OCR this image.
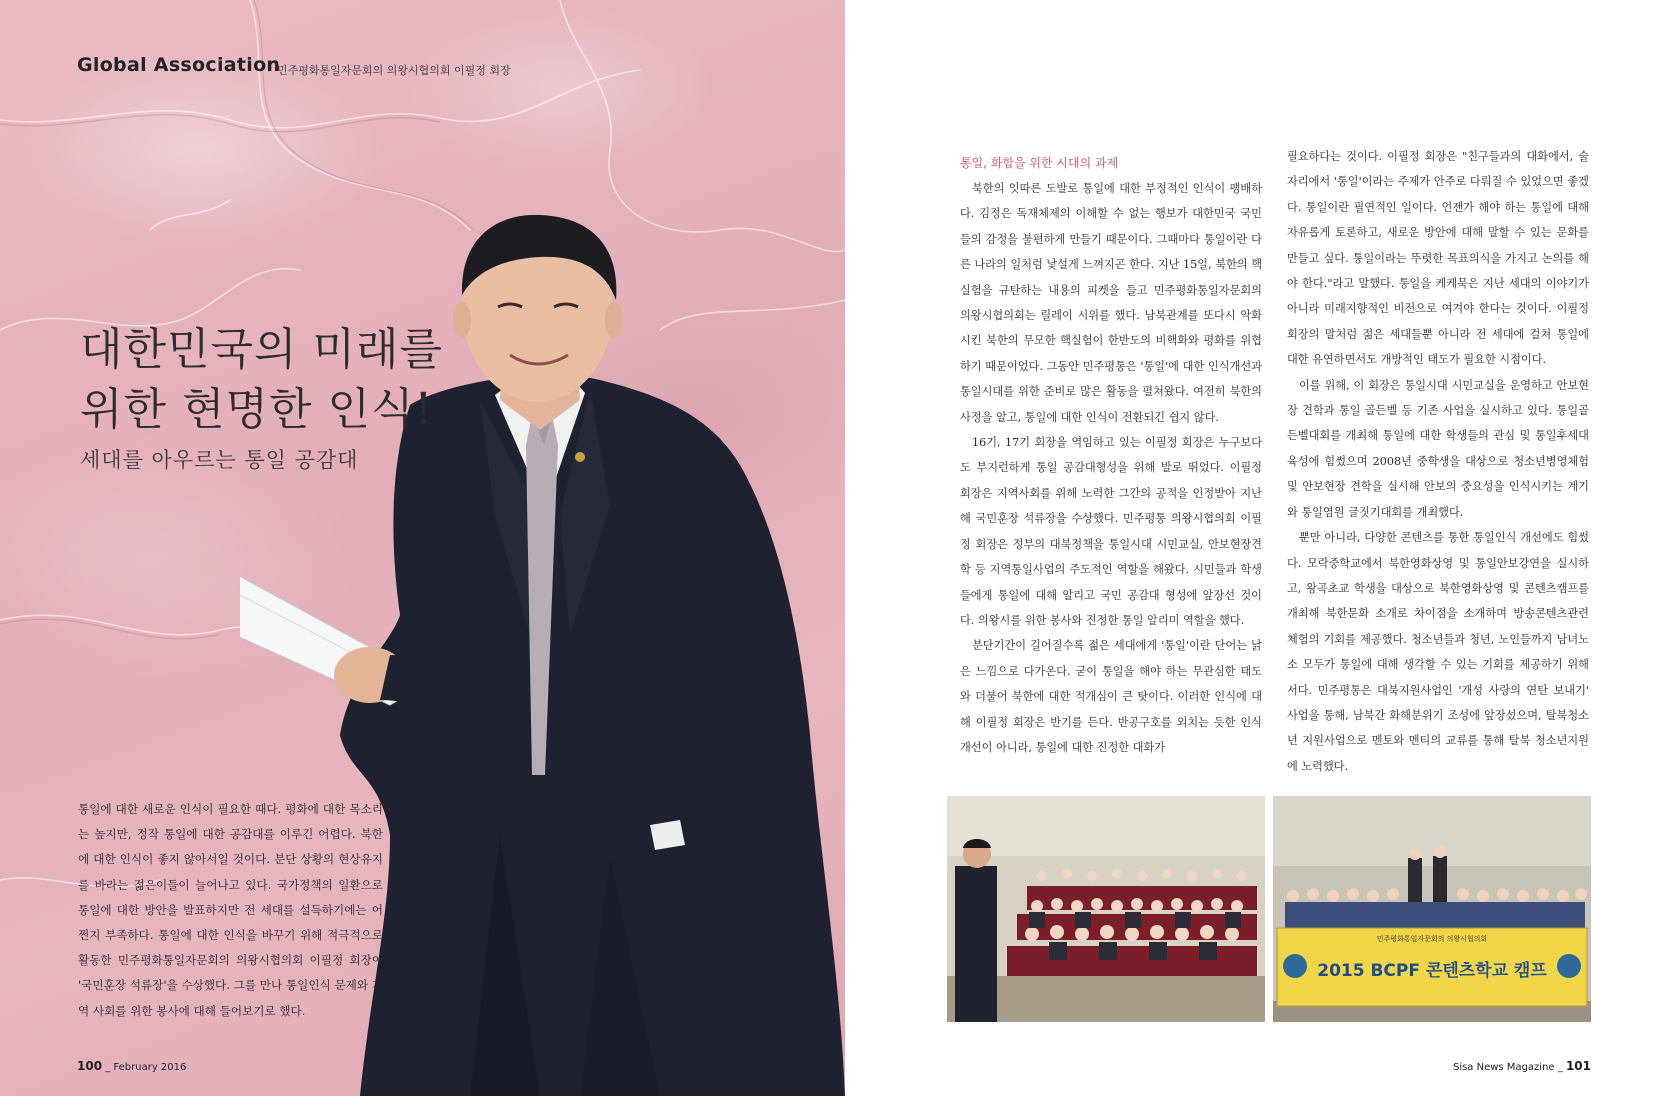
Global Association
민주평화통일자문회의 의왕시협의회 이필정 회장
대한민국의 미래를
위한 현명한 인식!
세대를 아우르는 통일 공감대
통일에 대한 새로운 인식이 필요한 때다. 평화에 대한 목소리는 높지만, 정작 통일에 대한 공감대를 이루긴 어렵다. 북한에 대한 인식이 좋지 않아서일 것이다. 분단 상황의 현상유지를 바라는 젊은이들이 늘어나고 있다. 국가정책의 일환으로 통일에 대한 방안을 발표하지만 전 세대를 설득하기에는 어쩐지 부족하다. 통일에 대한 인식을 바꾸기 위해 적극적으로 활동한 민주평화통일자문회의 의왕시협의회 이필정 회장이 '국민훈장 석류장'을 수상했다. 그를 만나 통일인식 문제와 지역 사회를 위한 봉사에 대해 들어보기로 했다.
100 _ February 2016
통일, 화합을 위한 시대의 과제

북한의 잇따른 도발로 통일에 대한 부정적인 인식이 팽배하다. 김정은 독재체제의 이해할 수 없는 행보가 대한민국 국민들의 감정을 불편하게 만들기 때문이다. 그때마다 통일이란 다른 나라의 일처럼 낯설게 느껴지곤 한다. 지난 15일, 북한의 핵실험을 규탄하는 내용의 피켓을 들고 민주평화통일자문회의 의왕시협의회는 릴레이 시위를 했다. 남북관계를 또다시 악화시킨 북한의 무모한 핵실험이 한반도의 비핵화와 평화를 위협하기 때문이었다. 그동안 민주평통은 '통일'에 대한 인식개선과 통일시대를 위한 준비로 많은 활동을 펼쳐왔다. 여전히 북한의 사정을 알고, 통일에 대한 인식이 전환되긴 쉽지 않다.

16기, 17기 회장을 역임하고 있는 이필정 회장은 누구보다도 부지런하게 통일 공감대형성을 위해 발로 뛰었다. 이필정 회장은 지역사회를 위해 노력한 그간의 공적을 인정받아 지난해 국민훈장 석류장을 수상했다. 민주평통 의왕시협의회 이필정 회장은 정부의 대북정책을 통일시대 시민교실, 안보현장견학 등 지역통일사업의 주도적인 역할을 해왔다. 시민들과 학생들에게 통일에 대해 알리고 국민 공감대 형성에 앞장선 것이다. 의왕시를 위한 봉사와 진정한 통일 알리미 역할을 했다.

분단기간이 길어질수록 젊은 세대에게 '통일'이란 단어는 낡은 느낌으로 다가온다. 굳이 통일을 해야 하는 무관심한 태도와 더불어 북한에 대한 적개심이 큰 탓이다. 이러한 인식에 대해 이필정 회장은 반기를 든다. 반공구호를 외치는 듯한 인식개선이 아니라, 통일에 대한 진정한 대화가

필요하다는 것이다. 이필정 회장은 "친구들과의 대화에서, 술자리에서 '통일'이라는 주제가 안주로 다뤄질 수 있었으면 좋겠다. 통일이란 필연적인 일이다. 언젠가 해야 하는 통일에 대해 자유롭게 토론하고, 새로운 방안에 대해 말할 수 있는 문화를 만들고 싶다. 통일이라는 뚜렷한 목표의식을 가지고 논의를 해야 한다."라고 말했다. 통일을 케케묵은 지난 세대의 이야기가 아니라 미래지향적인 비전으로 여겨야 한다는 것이다. 이필정 회장의 말처럼 젊은 세대들뿐 아니라 전 세대에 걸쳐 통일에 대한 유연하면서도 개방적인 태도가 필요한 시점이다.

이를 위해, 이 회장은 통일시대 시민교실을 운영하고 안보현장 견학과 통일 골든벨 등 기존 사업을 실시하고 있다. 통일골든벨대회를 개최해 통일에 대한 학생들의 관심 및 통일후세대 육성에 힘썼으며 2008년 중학생을 대상으로 청소년병영체험 및 안보현장 견학을 실시해 안보의 중요성을 인식시키는 계기와 통일염원 글짓기대회를 개최했다.

뿐만 아니라, 다양한 콘텐츠를 통한 통일인식 개선에도 힘썼다. 모락중학교에서 북한영화상영 및 통일안보강연을 실시하고, 왕곡초교 학생을 대상으로 북한영화상영 및 콘텐츠캠프를 개최해 북한문화 소개로 차이점을 소개하며 방송콘텐츠관련 체험의 기회를 제공했다. 청소년들과 청년, 노인들까지 남녀노소 모두가 통일에 대해 생각할 수 있는 기회를 제공하기 위해서다. 민주평통은 대북지원사업인 '개성 사랑의 연탄 보내기' 사업을 통해, 남북간 화해분위기 조성에 앞장섰으며, 탈북청소년 지원사업으로 멘토와 멘티의 교류를 통해 탈북 청소년지원에 노력했다.

민주평화통일자문회의 의왕시협의회
2015 BCPF 콘텐츠학교 캠프
Sisa News Magazine _ 101
